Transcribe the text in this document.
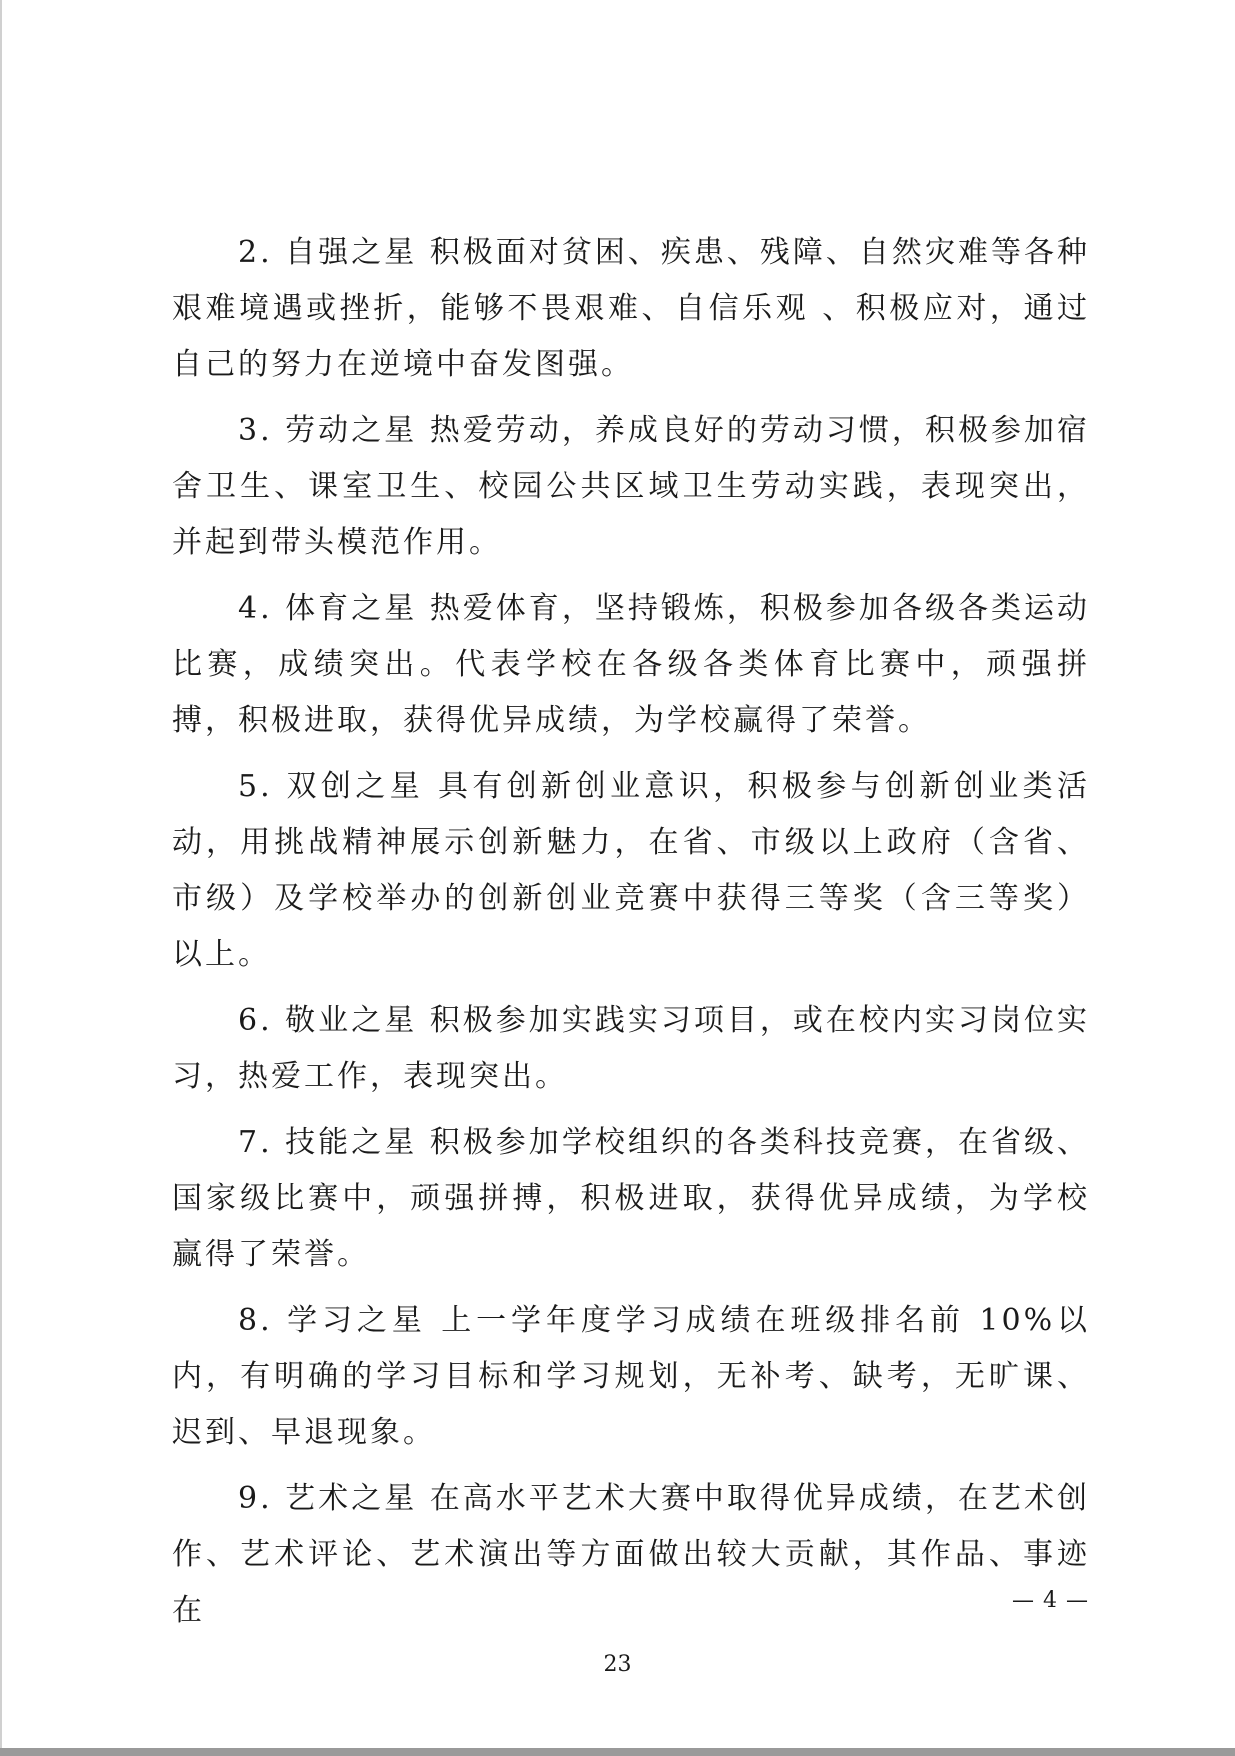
2. 自强之星 积极面对贫困、疾患、残障、自然灾难等各种艰难境遇或挫折，能够不畏艰难、自信乐观 、积极应对，通过自己的努力在逆境中奋发图强。

3. 劳动之星 热爱劳动，养成良好的劳动习惯，积极参加宿舍卫生、课室卫生、校园公共区域卫生劳动实践，表现突出，并起到带头模范作用。

4. 体育之星 热爱体育，坚持锻炼，积极参加各级各类运动比赛，成绩突出。代表学校在各级各类体育比赛中，顽强拼搏，积极进取，获得优异成绩，为学校赢得了荣誉。

5. 双创之星 具有创新创业意识，积极参与创新创业类活动，用挑战精神展示创新魅力，在省、市级以上政府（含省、市级）及学校举办的创新创业竞赛中获得三等奖（含三等奖）以上。

6. 敬业之星 积极参加实践实习项目，或在校内实习岗位实习，热爱工作，表现突出。

7. 技能之星 积极参加学校组织的各类科技竞赛，在省级、国家级比赛中，顽强拼搏，积极进取，获得优异成绩，为学校赢得了荣誉。

8. 学习之星 上一学年度学习成绩在班级排名前 10%以内，有明确的学习目标和学习规划，无补考、缺考，无旷课、迟到、早退现象。

9. 艺术之星 在高水平艺术大赛中取得优异成绩，在艺术创作、艺术评论、艺术演出等方面做出较大贡献，其作品、事迹在	— 4 —
23
